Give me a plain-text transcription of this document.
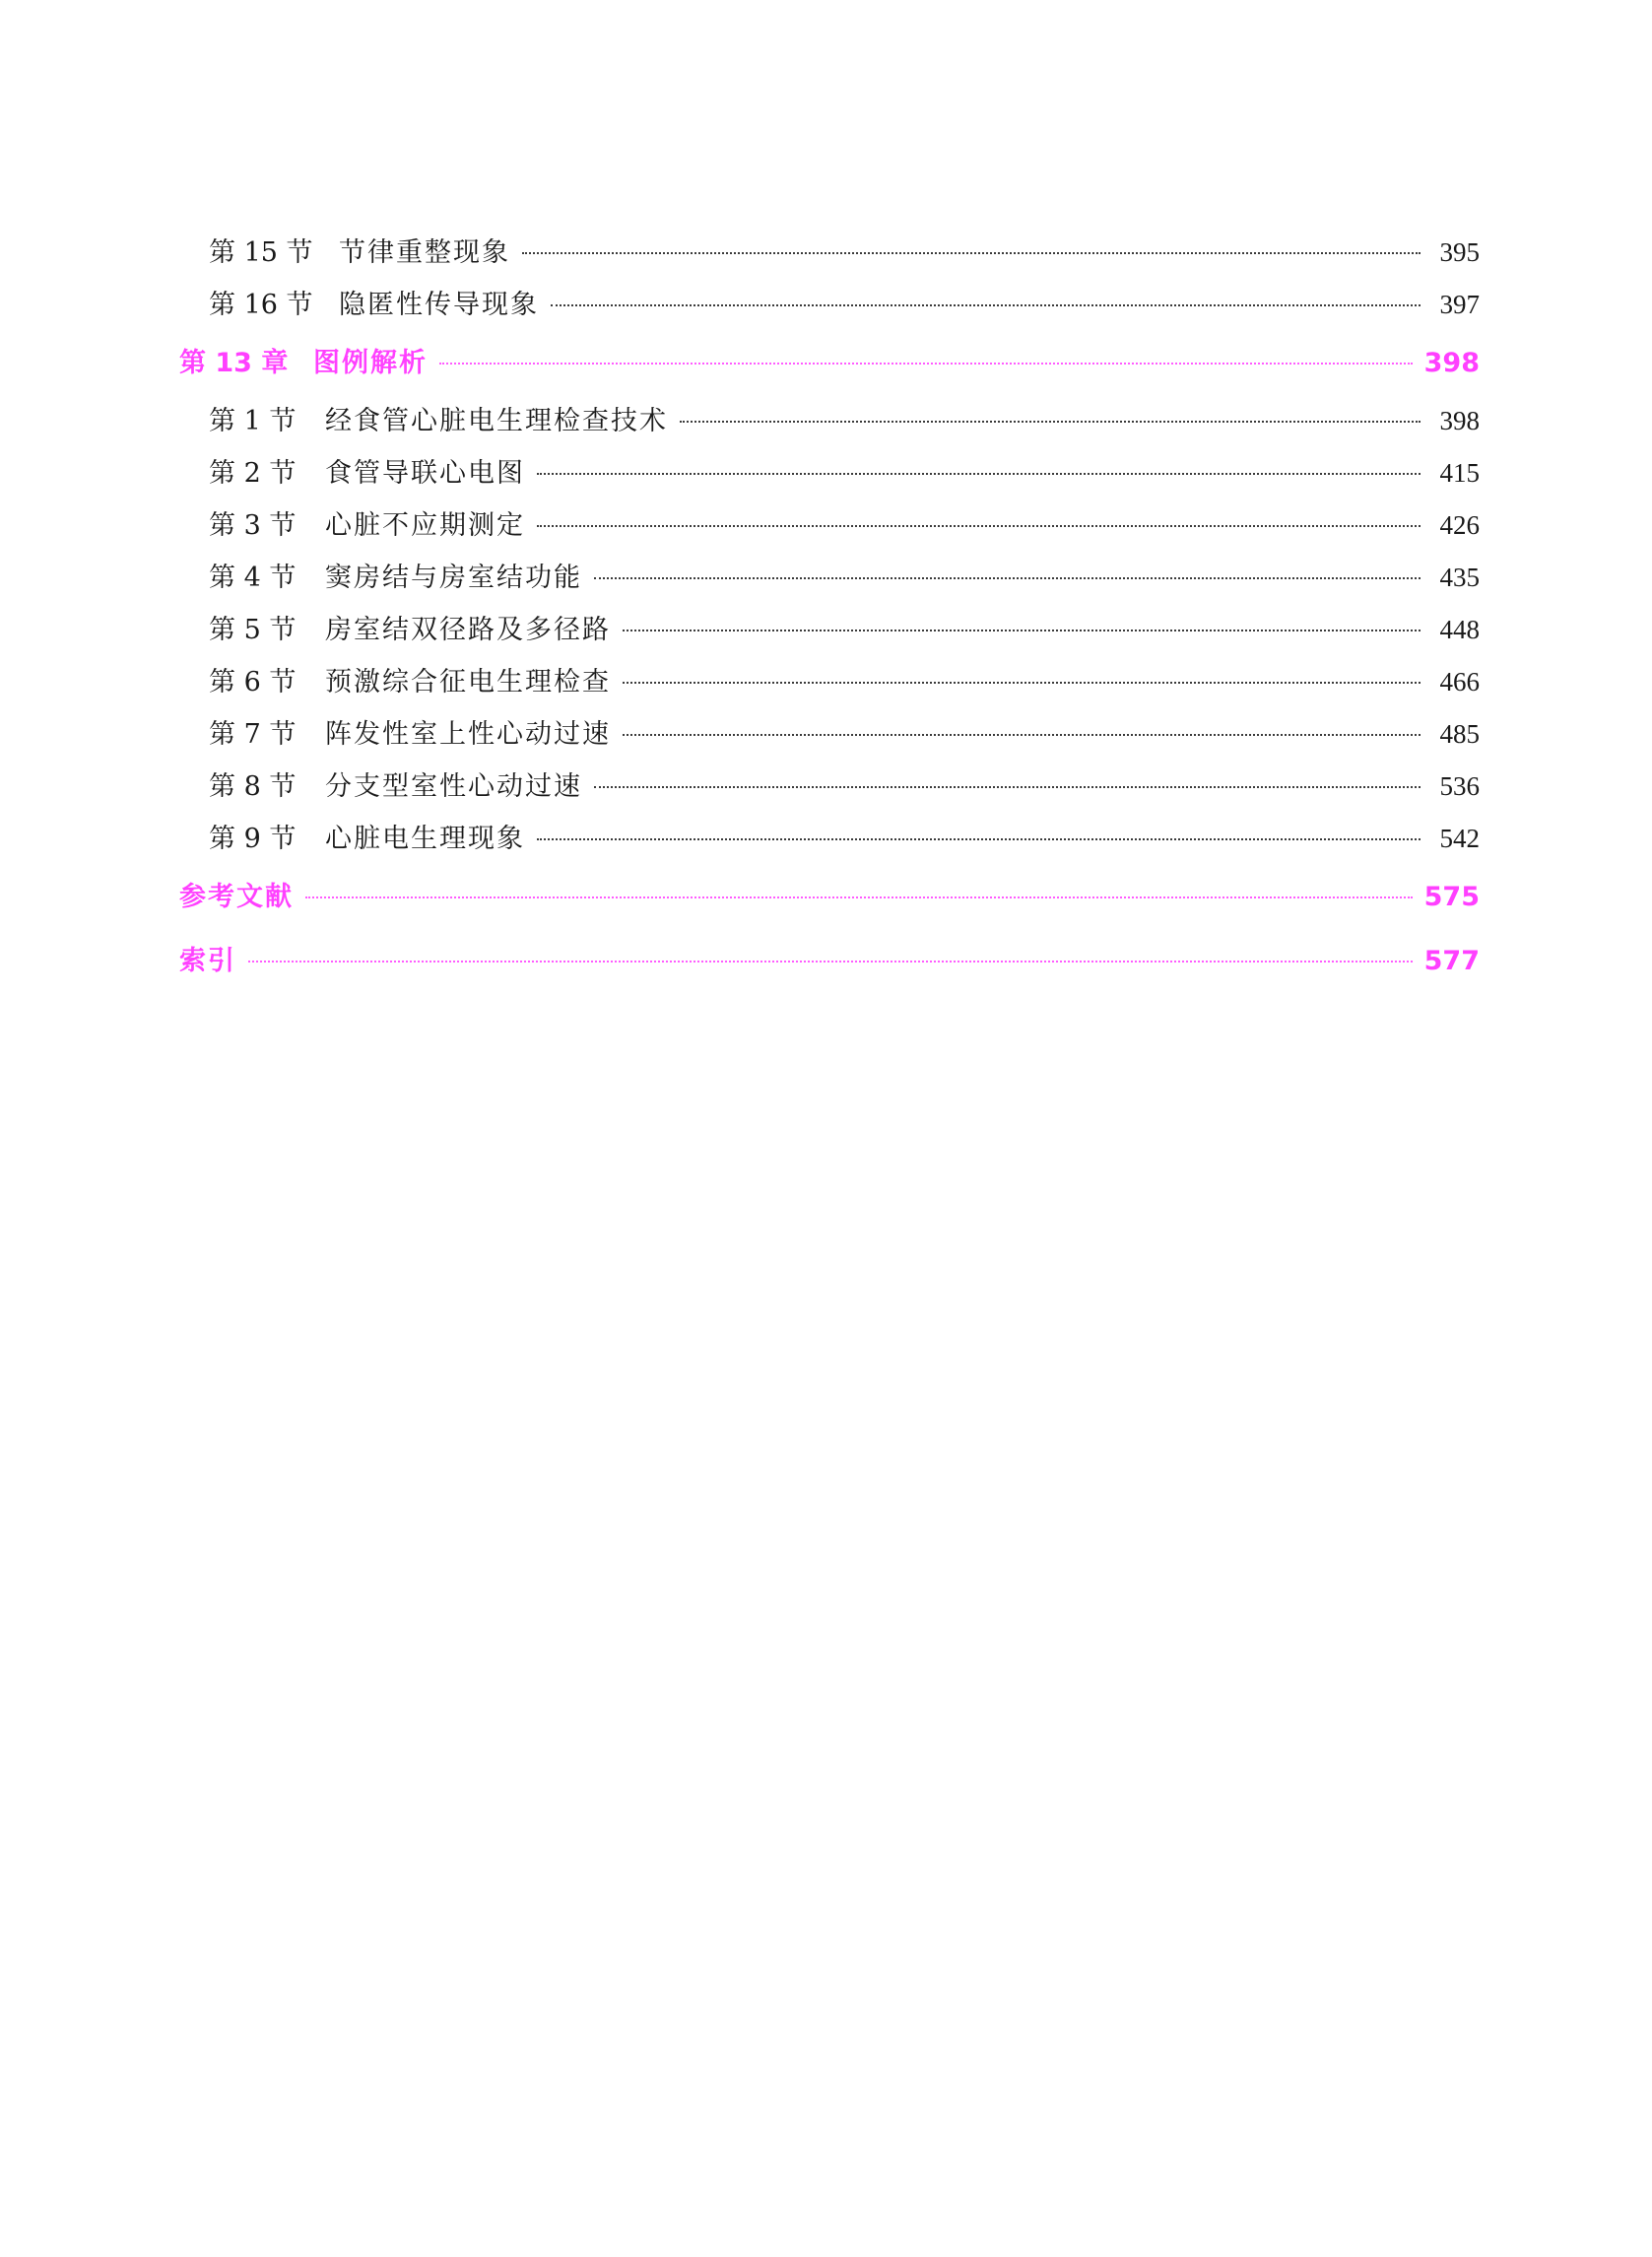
第 15 节 节律重整现象	395
第 16 节 隐匿性传导现象	397
第 13 章 图例解析	398
第 1 节	经食管心脏电生理检查技术	398
第 2 节	食管导联心电图	415
第 3 节	心脏不应期测定	426
第 4 节	窦房结与房室结功能	435
第 5 节	房室结双径路及多径路	448
第 6 节	预激综合征电生理检查	466
第 7 节	阵发性室上性心动过速	485
第 8 节	分支型室性心动过速	536
第 9 节	心脏电生理现象	542
参考文献	575
索引	577
